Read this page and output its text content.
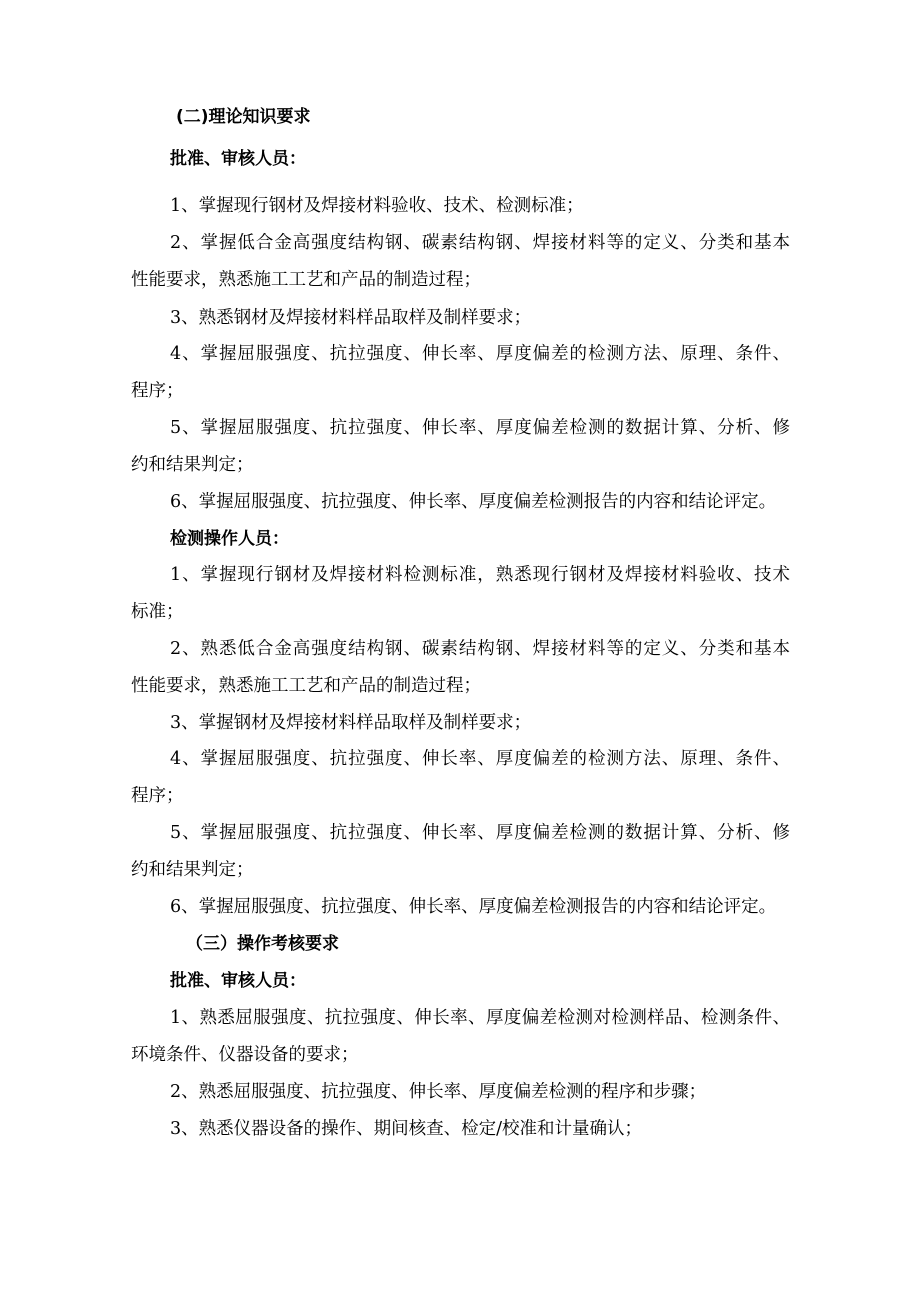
(二)理论知识要求
批准、审核人员：
1、掌握现行钢材及焊接材料验收、技术、检测标准；
2、掌握低合金高强度结构钢、碳素结构钢、焊接材料等的定义、分类和基本
性能要求，熟悉施工工艺和产品的制造过程；
3、熟悉钢材及焊接材料样品取样及制样要求；
4、掌握屈服强度、抗拉强度、伸长率、厚度偏差的检测方法、原理、条件、
程序；
5、掌握屈服强度、抗拉强度、伸长率、厚度偏差检测的数据计算、分析、修
约和结果判定；
6、掌握屈服强度、抗拉强度、伸长率、厚度偏差检测报告的内容和结论评定。
检测操作人员：
1、掌握现行钢材及焊接材料检测标准，熟悉现行钢材及焊接材料验收、技术
标准；
2、熟悉低合金高强度结构钢、碳素结构钢、焊接材料等的定义、分类和基本
性能要求，熟悉施工工艺和产品的制造过程；
3、掌握钢材及焊接材料样品取样及制样要求；
4、掌握屈服强度、抗拉强度、伸长率、厚度偏差的检测方法、原理、条件、
程序；
5、掌握屈服强度、抗拉强度、伸长率、厚度偏差检测的数据计算、分析、修
约和结果判定；
6、掌握屈服强度、抗拉强度、伸长率、厚度偏差检测报告的内容和结论评定。
（三）操作考核要求
批准、审核人员：
1、熟悉屈服强度、抗拉强度、伸长率、厚度偏差检测对检测样品、检测条件、
环境条件、仪器设备的要求；
2、熟悉屈服强度、抗拉强度、伸长率、厚度偏差检测的程序和步骤；
3、熟悉仪器设备的操作、期间核查、检定/校准和计量确认；
